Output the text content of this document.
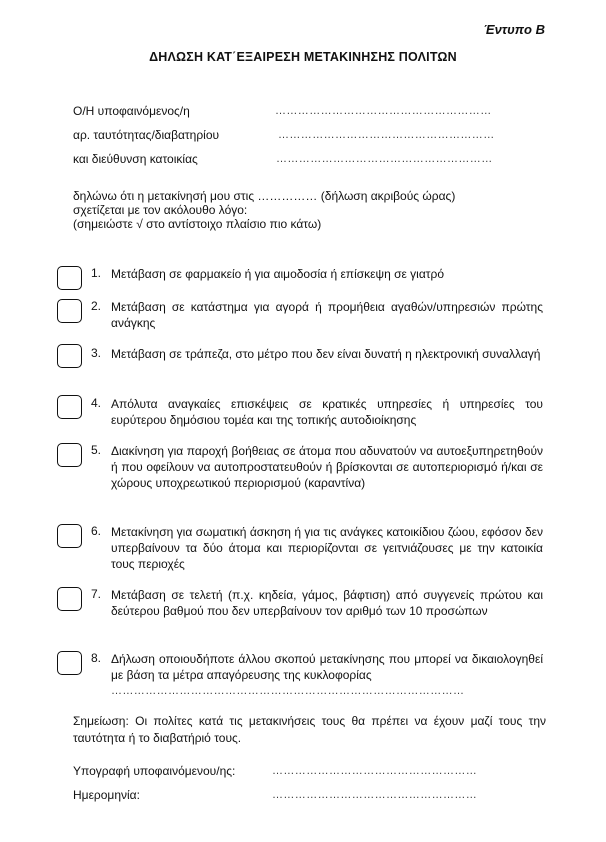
Έντυπο Β
ΔΗΛΩΣΗ ΚΑΤ΄ΕΞΑΙΡΕΣΗ ΜΕΤΑΚΙΝΗΣΗΣ ΠΟΛΙΤΩΝ
Ο/Η υποφαινόμενος/η	…………………………………………………
αρ. ταυτότητας/διαβατηρίου	…………………………………………………
και διεύθυνση κατοικίας	…………………………………………………
δηλώνω ότι η μετακίνησή μου στις …………… (δήλωση ακριβούς ώρας)
σχετίζεται με τον ακόλουθο λόγο:
(σημειώστε √ στο αντίστοιχο πλαίσιο πιο κάτω)
1. Μετάβαση σε φαρμακείο ή για αιμοδοσία ή επίσκεψη σε γιατρό
2. Μετάβαση σε κατάστημα για αγορά ή προμήθεια αγαθών/υπηρεσιών πρώτης ανάγκης
3. Μετάβαση σε τράπεζα, στο μέτρο που δεν είναι δυνατή η ηλεκτρονική συναλλαγή
4. Απόλυτα αναγκαίες επισκέψεις σε κρατικές υπηρεσίες ή υπηρεσίες του ευρύτερου δημόσιου τομέα και της τοπικής αυτοδιοίκησης
5. Διακίνηση για παροχή βοήθειας σε άτομα που αδυνατούν να αυτοεξυπηρετηθούν ή που οφείλουν να αυτοπροστατευθούν ή βρίσκονται σε αυτοπεριορισμό ή/και σε χώρους υποχρεωτικού περιορισμού (καραντίνα)
6. Μετακίνηση για σωματική άσκηση ή για τις ανάγκες κατοικίδιου ζώου, εφόσον δεν υπερβαίνουν τα δύο άτομα και περιορίζονται σε γειτνιάζουσες με την κατοικία τους περιοχές
7. Μετάβαση σε τελετή (π.χ. κηδεία, γάμος, βάφτιση) από συγγενείς πρώτου και δεύτερου βαθμού που δεν υπερβαίνουν τον αριθμό των 10 προσώπων
8. Δήλωση οποιουδήποτε άλλου σκοπού μετακίνησης που μπορεί να δικαιολογηθεί με βάση τα μέτρα απαγόρευσης της κυκλοφορίας
…………………………………………………………………………………
Σημείωση: Οι πολίτες κατά τις μετακινήσεις τους θα πρέπει να έχουν μαζί τους την ταυτότητα ή το διαβατήριό τους.
Υπογραφή υποφαινόμενου/ης:	………………………………………………
Ημερομηνία:	………………………………………………
